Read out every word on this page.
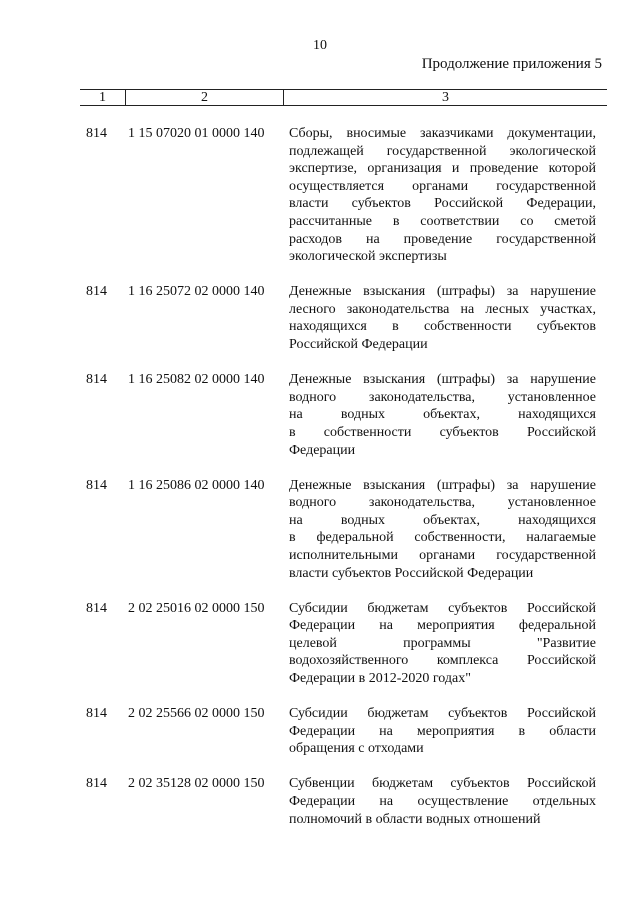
10
Продолжение приложения 5
1	2	3
814 1 15 07020 01 0000 140 Сборы, вносимые заказчиками документации,
подлежащей государственной экологической
экспертизе, организация и проведение которой
осуществляется органами государственной
власти субъектов Российской Федерации,
рассчитанные в соответствии со сметой
расходов на проведение государственной
экологической экспертизы
814 1 16 25072 02 0000 140 Денежные взыскания (штрафы) за нарушение
лесного законодательства на лесных участках,
находящихся в собственности субъектов
Российской Федерации
814 1 16 25082 02 0000 140 Денежные взыскания (штрафы) за нарушение
водного законодательства, установленное
на водных объектах, находящихся
в собственности субъектов Российской
Федерации
814 1 16 25086 02 0000 140 Денежные взыскания (штрафы) за нарушение
водного законодательства, установленное
на водных объектах, находящихся
в федеральной собственности, налагаемые
исполнительными органами государственной
власти субъектов Российской Федерации
814 2 02 25016 02 0000 150 Субсидии бюджетам субъектов Российской
Федерации на мероприятия федеральной
целевой программы "Развитие
водохозяйственного комплекса Российской
Федерации в 2012-2020 годах"
814 2 02 25566 02 0000 150 Субсидии бюджетам субъектов Российской
Федерации на мероприятия в области
обращения с отходами
814 2 02 35128 02 0000 150 Субвенции бюджетам субъектов Российской
Федерации на осуществление отдельных
полномочий в области водных отношений
